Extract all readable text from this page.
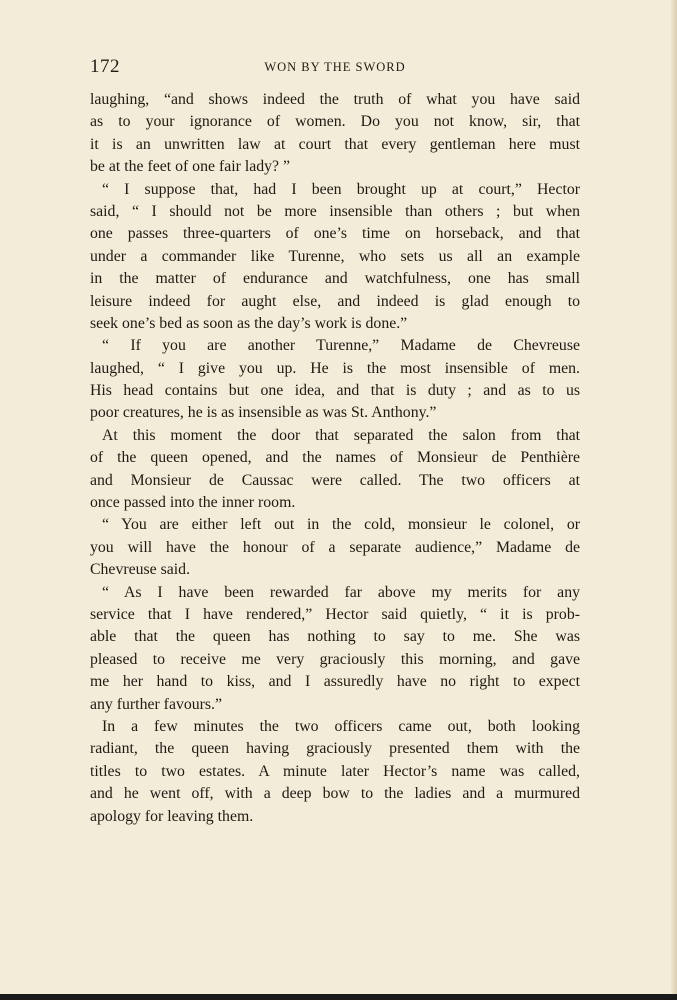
172	WON BY THE SWORD
laughing, “and shows indeed the truth of what you have said
as to your ignorance of women. Do you not know, sir, that
it is an unwritten law at court that every gentleman here must
be at the feet of one fair lady? ”
“ I suppose that, had I been brought up at court,” Hector
said, “ I should not be more insensible than others ; but when
one passes three-quarters of one’s time on horseback, and that
under a commander like Turenne, who sets us all an example
in the matter of endurance and watchfulness, one has small
leisure indeed for aught else, and indeed is glad enough to
seek one’s bed as soon as the day’s work is done.”
“ If you are another Turenne,” Madame de Chevreuse
laughed, “ I give you up. He is the most insensible of men.
His head contains but one idea, and that is duty ; and as to us
poor creatures, he is as insensible as was St. Anthony.”
At this moment the door that separated the salon from that
of the queen opened, and the names of Monsieur de Penthière
and Monsieur de Caussac were called. The two officers at
once passed into the inner room.
“ You are either left out in the cold, monsieur le colonel, or
you will have the honour of a separate audience,” Madame de
Chevreuse said.
“ As I have been rewarded far above my merits for any
service that I have rendered,” Hector said quietly, “ it is prob-
able that the queen has nothing to say to me. She was
pleased to receive me very graciously this morning, and gave
me her hand to kiss, and I assuredly have no right to expect
any further favours.”
In a few minutes the two officers came out, both looking
radiant, the queen having graciously presented them with the
titles to two estates. A minute later Hector’s name was called,
and he went off, with a deep bow to the ladies and a murmured
apology for leaving them.
